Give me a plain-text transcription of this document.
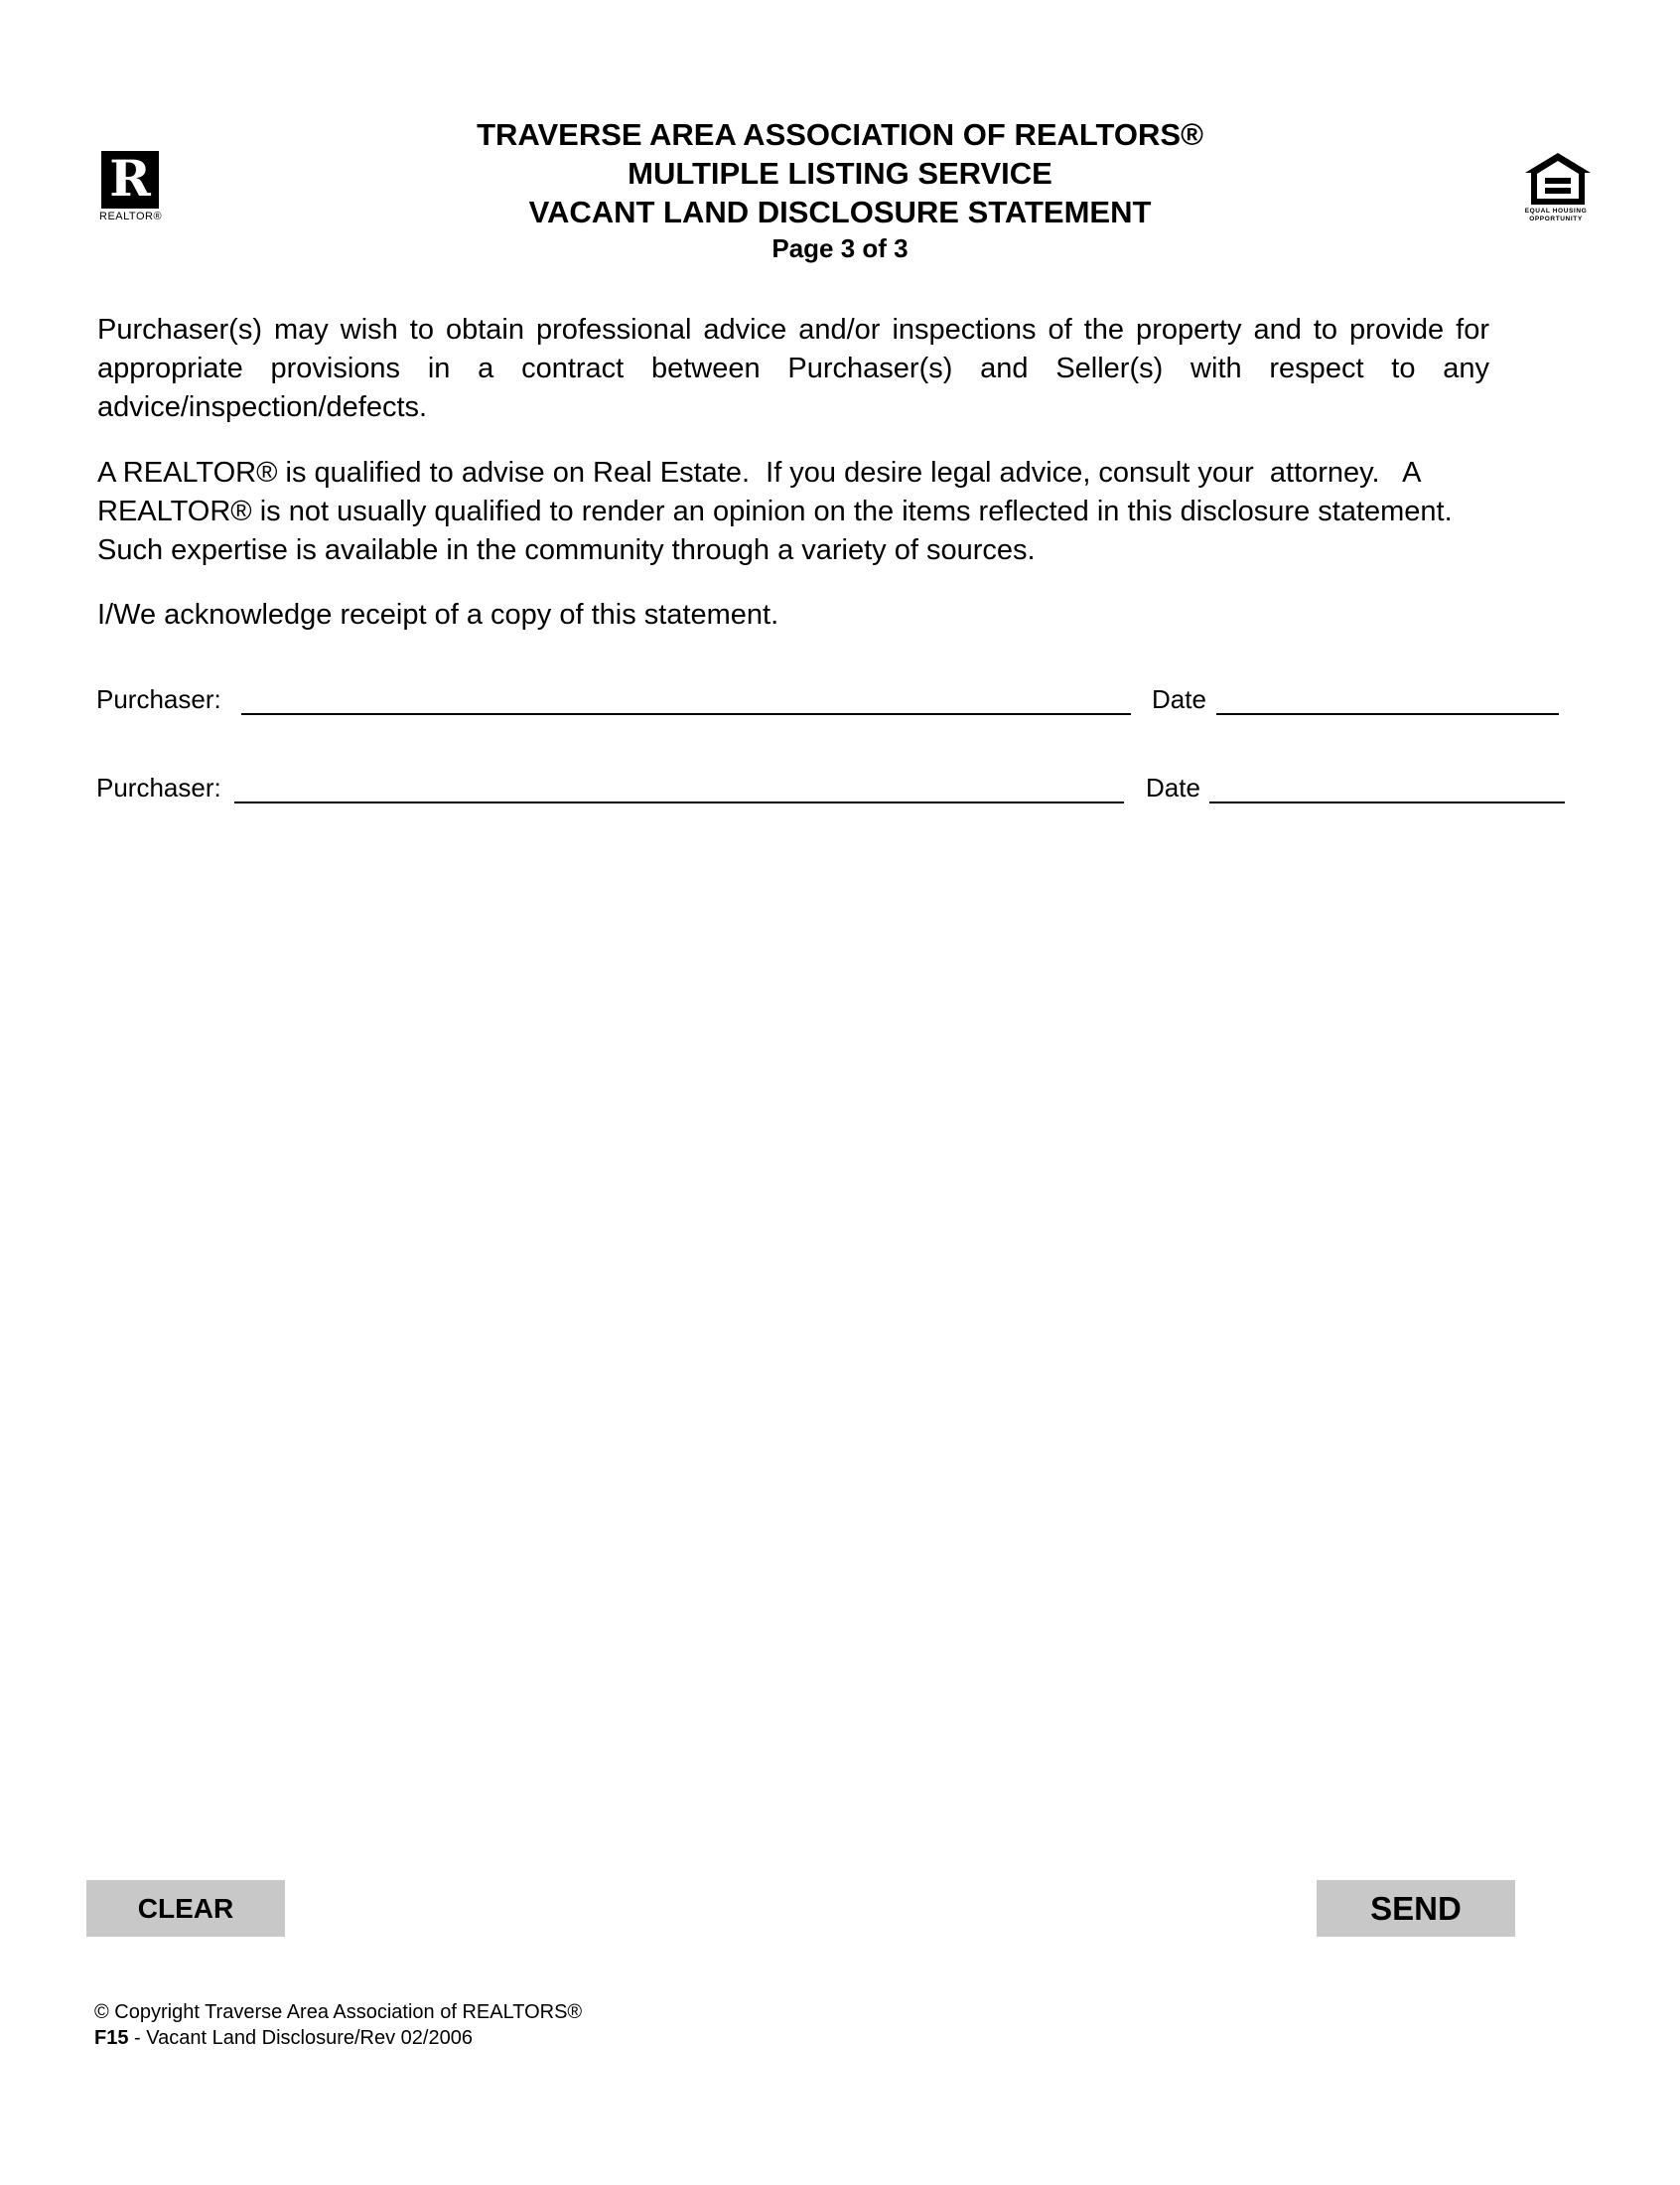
TRAVERSE AREA ASSOCIATION OF REALTORS®
MULTIPLE LISTING SERVICE
VACANT LAND DISCLOSURE STATEMENT
Page 3 of 3
R
REALTOR®	EQUAL HOUSING
OPPORTUNITY
Purchaser(s) may wish to obtain professional advice and/or inspections of the property and to provide for appropriate provisions in a contract between Purchaser(s) and Seller(s) with respect to any advice/inspection/defects.
A REALTOR® is qualified to advise on Real Estate.  If you desire legal advice, consult your  attorney.   A
REALTOR® is not usually qualified to render an opinion on the items reflected in this disclosure statement.
Such expertise is available in the community through a variety of sources.
I/We acknowledge receipt of a copy of this statement.
Purchaser:	Date
Purchaser:	Date
CLEAR	SEND
© Copyright Traverse Area Association of REALTORS®
F15 - Vacant Land Disclosure/Rev 02/2006
